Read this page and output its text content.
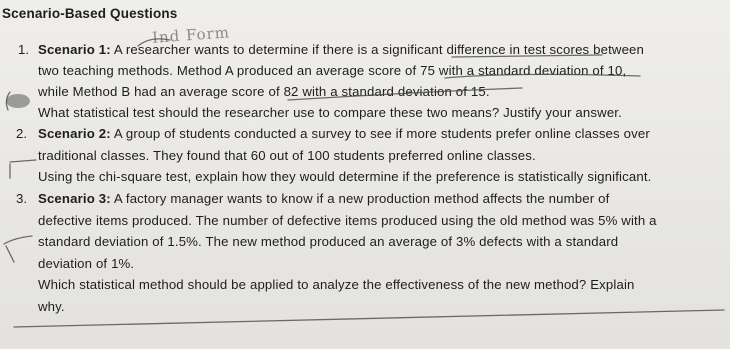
Scenario-Based Questions
1. Scenario 1: A researcher wants to determine if there is a significant difference in test scores between
two teaching methods. Method A produced an average score of 75 with a standard deviation of 10,
while Method B had an average score of 82 with a standard deviation of 15.
What statistical test should the researcher use to compare these two means? Justify your answer.
2. Scenario 2: A group of students conducted a survey to see if more students prefer online classes over
traditional classes. They found that 60 out of 100 students preferred online classes.
Using the chi-square test, explain how they would determine if the preference is statistically significant.
3. Scenario 3: A factory manager wants to know if a new production method affects the number of
defective items produced. The number of defective items produced using the old method was 5% with a
standard deviation of 1.5%. The new method produced an average of 3% defects with a standard
deviation of 1%.
Which statistical method should be applied to analyze the effectiveness of the new method? Explain
why.
Ind Form
